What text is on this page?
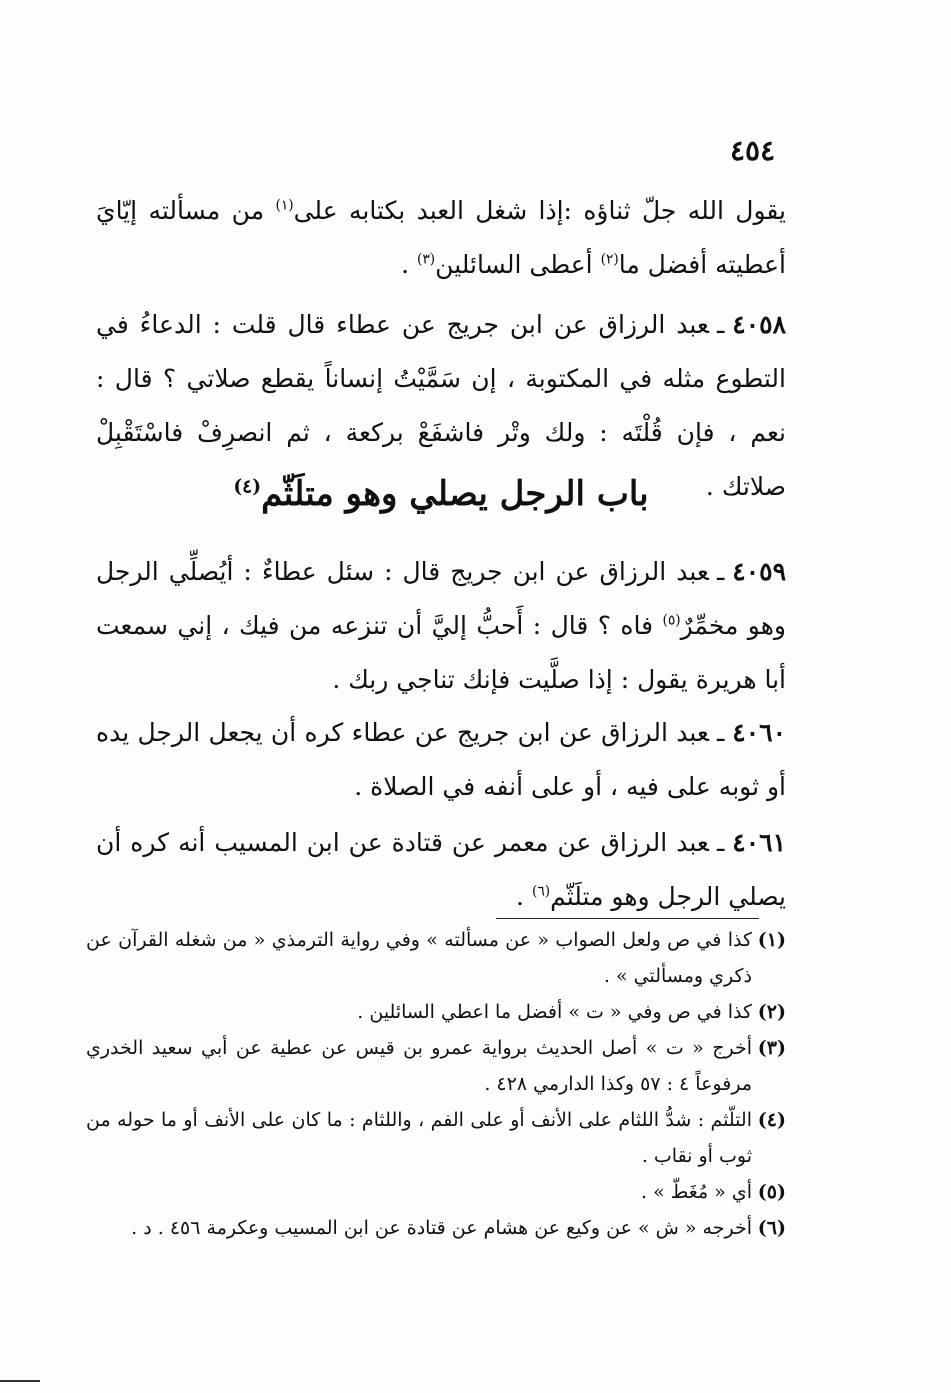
٤٥٤

يقول الله جلّ ثناؤه :إذا شغل العبد بكتابه على$^{(١)}$ من مسألته إيّايَ أعطيته أفضل ما$^{(٢)}$ أعطى السائلين$^{(٣)}$ .

٤٠٥٨ـعبد الرزاق عن ابن جريج عن عطاء قال قلت : الدعاءُ في التطوع مثله في المكتوبة ، إن سَمَّيْتُ إنساناً يقطع صلاتي ؟ قال : نعم ، فإن قُلْتَه : ولك وتْر فاشفَعْ بركعة ، ثم انصرِفْ فاسْتَقْبِلْ صلاتك .

باب الرجل يصلي وهو متلَثّم$^{(٤)}$

٤٠٥٩ـعبد الرزاق عن ابن جريج قال : سئل عطاءٌ : أيُصلِّي الرجل وهو مخمِّرٌ$^{(٥)}$ فاه ؟ قال : أَحبُّ إليَّ أن تنزعه من فيك ، إني سمعت أبا هريرة يقول : إذا صلَّيت فإنك تناجي ربك .

٤٠٦٠ـعبد الرزاق عن ابن جريج عن عطاء كره أن يجعل الرجل يده أو ثوبه على فيه ، أو على أنفه في الصلاة .

٤٠٦١ـعبد الرزاق عن معمر عن قتادة عن ابن المسيب أنه كره أن يصلي الرجل وهو متلَثّم$^{(٦)}$ .

(١)كذا في ص ولعل الصواب « عن مسألته » وفي رواية الترمذي « من شغله القرآن عن ذكري ومسألتي » .

(٢)كذا في ص وفي « ت » أفضل ما اعطي السائلين .

(٣)أخرج « ت » أصل الحديث برواية عمرو بن قيس عن عطية عن أبي سعيد الخدري مرفوعاً ٤ : ٥٧ وكذا الدارمي ٤٢٨ .

(٤)التلّثم : شدُّ اللثام على الأنف أو على الفم ، واللثام : ما كان على الأنف أو ما حوله من ثوب أو نقاب .

(٥)أي « مُغَطّ » .

(٦)أخرجه « ش » عن وكيع عن هشام عن قتادة عن ابن المسيب وعكرمة ٤٥٦ . د .
